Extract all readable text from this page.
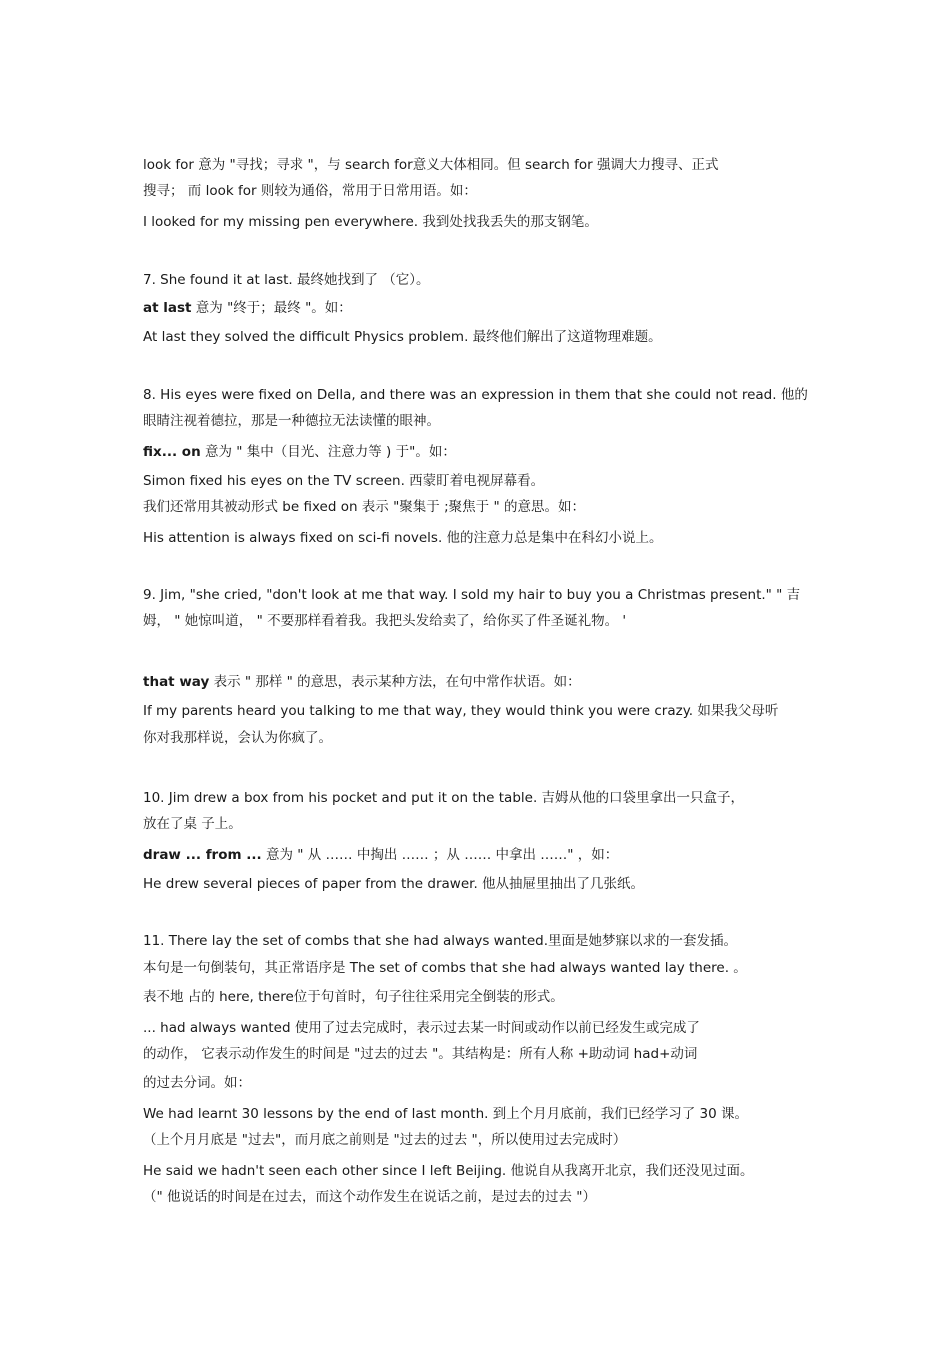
look for 意为 "寻找；寻求 "，与 search for意义大体相同。但 search for 强调大力搜寻、正式
搜寻； 而 look for 则较为通俗，常用于日常用语。如：
I looked for my missing pen everywhere. 我到处找我丢失的那支钢笔。
7. She found it at last. 最终她找到了 （它）。
at last 意为 "终于；最终 "。如：
At last they solved the difficult Physics problem. 最终他们解出了这道物理难题。
8. His eyes were fixed on Della, and there was an expression in them that she could not read. 他的
眼睛注视着德拉，那是一种德拉无法读懂的眼神。
fix... on 意为 " 集中（目光、注意力等 ) 于"。如：
Simon fixed his eyes on the TV screen. 西蒙盯着电视屏幕看。
我们还常用其被动形式 be fixed on 表示 "聚集于 ;聚焦于 " 的意思。如：
His attention is always fixed on sci-fi novels. 他的注意力总是集中在科幻小说上。
9. Jim, "she cried, "don't look at me that way. I sold my hair to buy you a Christmas present." " 吉
姆， " 她惊叫道， " 不要那样看着我。我把头发给卖了，给你买了件圣诞礼物。 '
that way 表示 " 那样 " 的意思，表示某种方法，在句中常作状语。如：
If my parents heard you talking to me that way, they would think you were crazy. 如果我父母听
你对我那样说，会认为你疯了。
10. Jim drew a box from his pocket and put it on the table. 吉姆从他的口袋里拿出一只盒子，
放在了桌 子上。
draw ... from ... 意为 " 从 …… 中掏出 …… ；从 …… 中拿出 ……" ，如：
He drew several pieces of paper from the drawer. 他从抽屉里抽出了几张纸。
11. There lay the set of combs that she had always wanted.里面是她梦寐以求的一套发插。
本句是一句倒装句，其正常语序是 The set of combs that she had always wanted lay there. 。
表不地 占的 here, there位于句首时，句子往往采用完全倒装的形式。
... had always wanted 使用了过去完成时，表示过去某一时间或动作以前已经发生或完成了
的动作， 它表示动作发生的时间是 "过去的过去 "。其结构是：所有人称 +助动词 had+动词
的过去分词。如：
We had learnt 30 lessons by the end of last month. 到上个月月底前，我们已经学习了 30 课。
（上个月月底是 "过去"，而月底之前则是 "过去的过去 "，所以使用过去完成时）
He said we hadn't seen each other since I left Beijing. 他说自从我离开北京，我们还没见过面。
（" 他说话的时间是在过去，而这个动作发生在说话之前，是过去的过去 "）
